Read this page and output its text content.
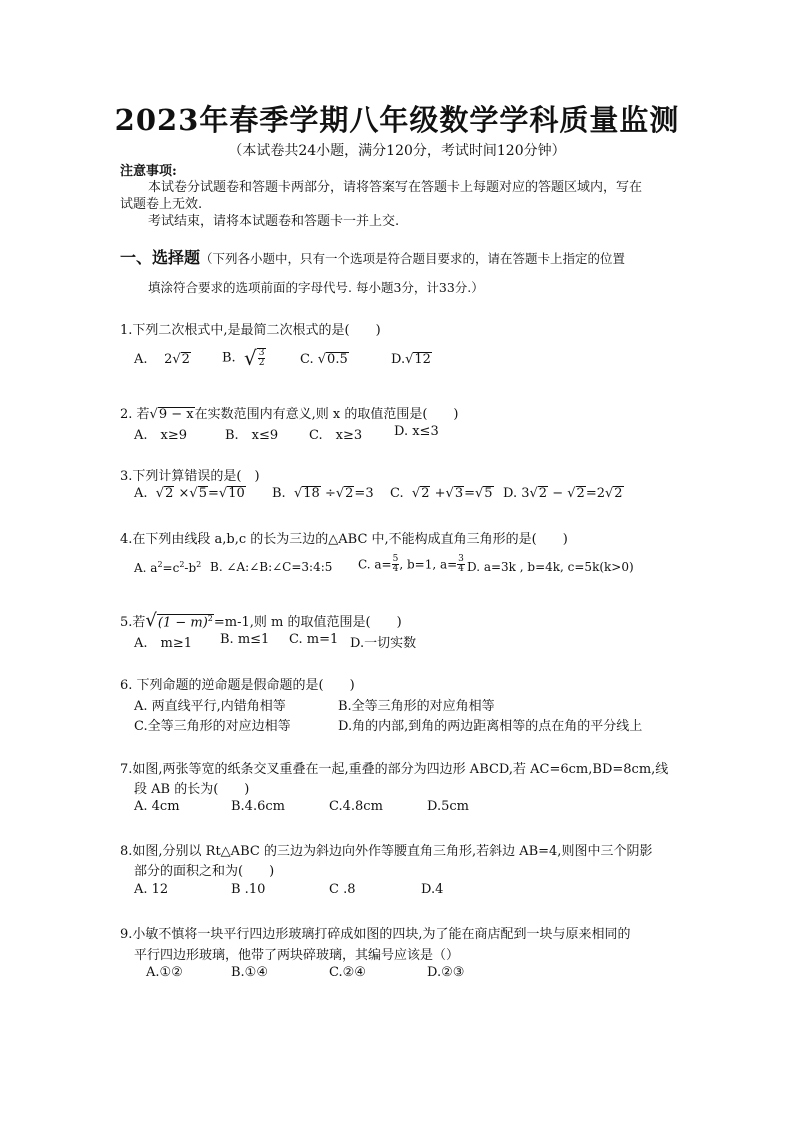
2023年春季学期八年级数学学科质量监测
（本试卷共24小题，满分120分，考试时间120分钟）
注意事项:
本试卷分试题卷和答题卡两部分，请将答案写在答题卡上每题对应的答题区域内，写在
试题卷上无效.
考试结束，请将本试题卷和答题卡一并上交.
一、选择题（下列各小题中，只有一个选项是符合题目要求的，请在答题卡上指定的位置
填涂符合要求的选项前面的字母代号. 每小题3分，计33分.）
1.下列二次根式中,是最简二次根式的是(　　)
A. 2√2 B. √ $\frac{3}{2}$	C. √0.5	D.√12
2. 若√9 − x在实数范围内有意义,则 x 的取值范围是(　　)
A.　x≥9	B.　x≤9 C.　x≥3 D. x≤3
3.下列计算错误的是(　)
A.  √2 ×√5=√10 B.  √18 ÷√2=3 C.  √2 +√3=√5 D. 3√2 − √2=2√2
4.在下列由线段 a,b,c 的长为三边的△ABC 中,不能构成直角三角形的是(　　)
A. $a^2=c^2-b^2$ B. ∠A:∠B:∠C=3:4:5 C. $a= \frac{5}{4}$ , b=1, $a= \frac{3}{4} D$. a=3k , b=4k, c=5k(k>0)
5.若$√(1 - m)^2=m-1$,则 m 的取值范围是(　　)
A.　m≥1 B. m≤1 C. m=1 D.一切实数
6. 下列命题的逆命题是假命题的是(　　)
A. 两直线平行,内错角相等	B.全等三角形的对应角相等
C.全等三角形的对应边相等	D.角的内部,到角的两边距离相等的点在角的平分线上
7.如图,两张等宽的纸条交叉重叠在一起,重叠的部分为四边形 ABCD,若 AC=6cm,BD=8cm,线
段 AB 的长为(　　)
A. 4cm	B.4.6cm	C.4.8cm	D.5cm
8.如图,分别以 Rt△ABC 的三边为斜边向外作等腰直角三角形,若斜边 AB=4,则图中三个阴影
部分的面积之和为(　　)
A. 12	B .10	C .8	D.4
9.小敏不慎将一块平行四边形玻璃打碎成如图的四块,为了能在商店配到一块与原来相同的
平行四边形玻璃，他带了两块碎玻璃，其编号应该是（）
A.①②	B.①④	C.②④	D.②③
